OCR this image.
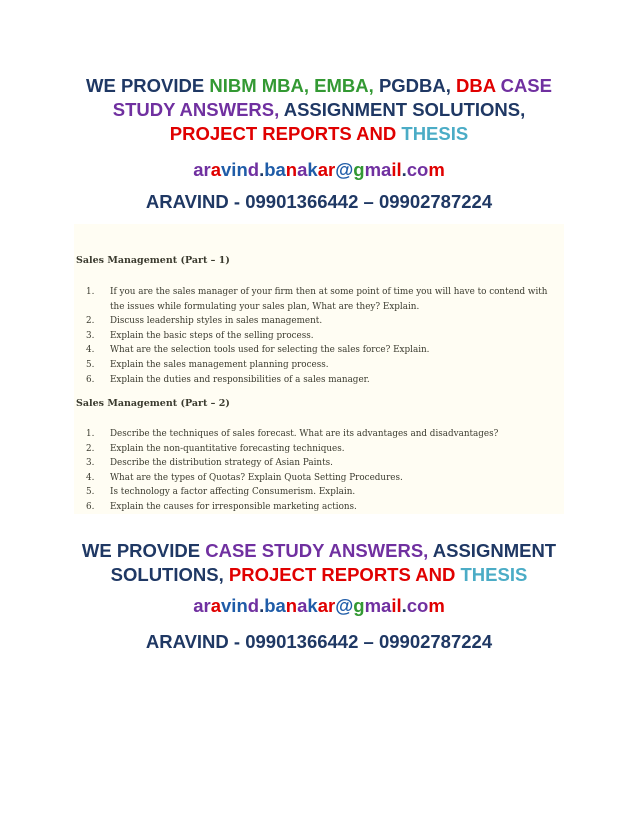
WE PROVIDE NIBM MBA, EMBA, PGDBA, DBA CASE
STUDY ANSWERS, ASSIGNMENT SOLUTIONS,
PROJECT REPORTS AND THESIS
aravind.banakar@gmail.com
ARAVIND - 09901366442 – 09902787224
Sales Management (Part – 1)
1. If you are the sales manager of your firm then at some point of time you will have to contend with the issues while formulating your sales plan, What are they? Explain.
2. Discuss leadership styles in sales management.
3. Explain the basic steps of the selling process.
4. What are the selection tools used for selecting the sales force? Explain.
5. Explain the sales management planning process.
6. Explain the duties and responsibilities of a sales manager.
Sales Management (Part – 2)
1. Describe the techniques of sales forecast. What are its advantages and disadvantages?
2. Explain the non-quantitative forecasting techniques.
3. Describe the distribution strategy of Asian Paints.
4. What are the types of Quotas? Explain Quota Setting Procedures.
5. Is technology a factor affecting Consumerism. Explain.
6. Explain the causes for irresponsible marketing actions.
WE PROVIDE CASE STUDY ANSWERS, ASSIGNMENT
SOLUTIONS, PROJECT REPORTS AND THESIS
aravind.banakar@gmail.com
ARAVIND - 09901366442 – 09902787224
